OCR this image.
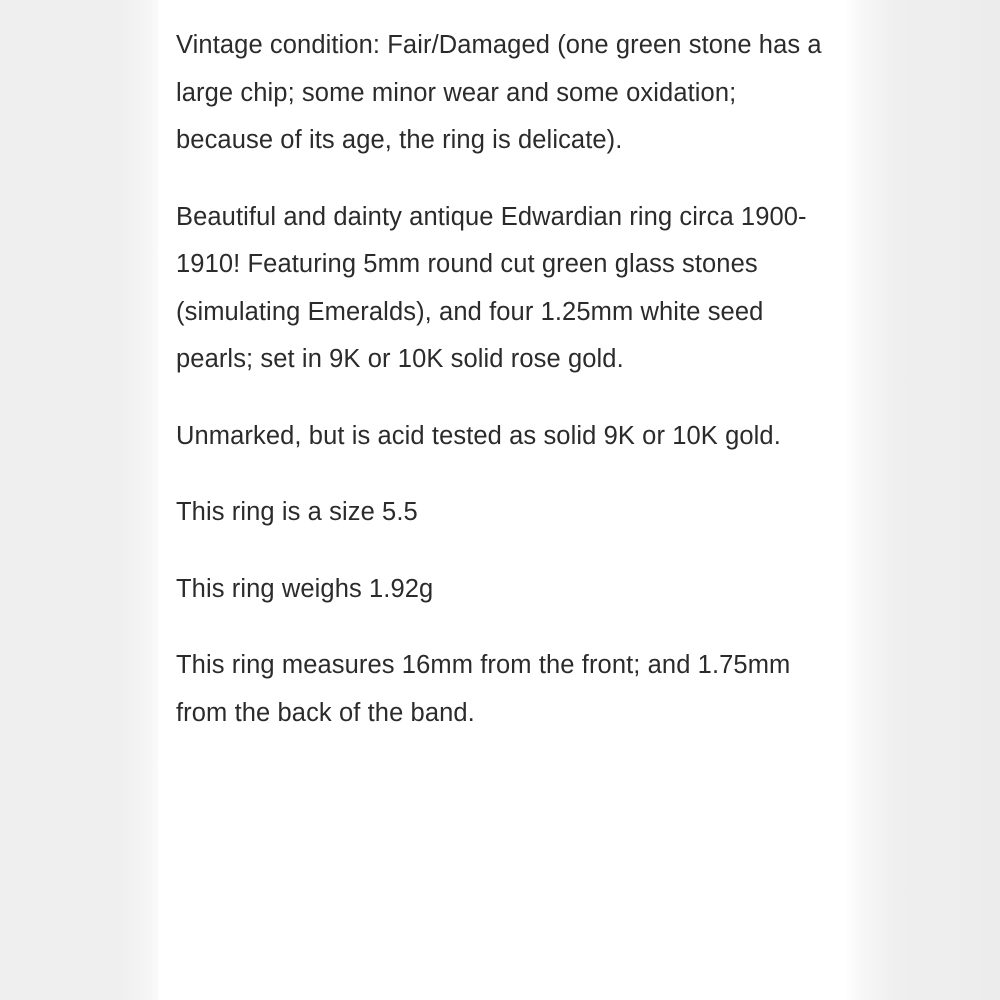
Vintage condition: Fair/Damaged (one green stone has a large chip; some minor wear and some oxidation; because of its age, the ring is delicate).

Beautiful and dainty antique Edwardian ring circa 1900-1910! Featuring 5mm round cut green glass stones (simulating Emeralds), and four 1.25mm white seed pearls; set in 9K or 10K solid rose gold.

Unmarked, but is acid tested as solid 9K or 10K gold.

This ring is a size 5.5

This ring weighs 1.92g

This ring measures 16mm from the front; and 1.75mm from the back of the band.
